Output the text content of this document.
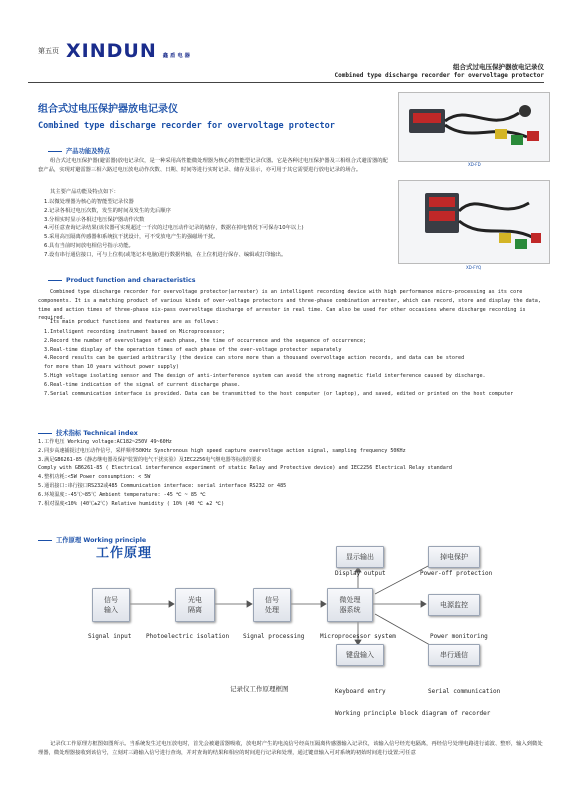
第五页 XINDUN 鑫盾电器
组合式过电压保护器放电记录仪
Combined type discharge recorder for overvoltage protector
组合式过电压保护器放电记录仪
Combined type discharge recorder for overvoltage protector
XD-FD
XD-FYQ
产品功能及特点
组合式过电压保护器(避雷器)放电记录仪，是一种采用高性能微处理器为核心的智能型记录仪器。它是各种过电压保护器及三相组合式避雷器的配套产品，实现对避雷器三相六路过电压放电动作次数、日期、时间等进行实时记录、储存及显示，亦可用于其它需要进行放电记录的场合。
其主要产品功能及特点如下：
1.以微处理器为核心的智能型记录仪器
2.记录各相过电压次数，发生的时间及发生的先后顺序
3.分相实时显示各相过电压保护器动作次数
4.可任意查询记录结果(该仪器可实现超过一千次的过电压动作记录的储存，数据在掉电情况下可保存10年以上)
5.采用高压隔离传感器和系统抗干扰设计，可不受放电产生的强磁场干扰。
6.具有当前时间放电相信号指示功能。
7.设有串行通信接口，可与上位机(或笔记本电脑)进行数据传输，在上位机进行保存、编辑或打印输出。
Product function and characteristics
Combined type discharge recorder for overvoltage protector(arrester) is an intelligent recording device with high performance micro-processing as its core components. It is a matching product of various kinds of over-voltage protectors and three-phase combination arrester, which can record, store and display the data, time and action times of three-phase six-pass overvoltage discharge of arrester in real time. Can also be used for other occasions where discharge recording is required.
Its main product functions and features are as follows:
1.Intelligent recording instrument based on Microprocessor;
2.Record the number of overvoltages of each phase, the time of occurrence and the sequence of occurrence;
3.Real-time display of the operation times of each phase of the over-voltage protector separately
4.Record results can be queried arbitrarily (the device can store more than a thousand overvoltage action records, and data can be stored
for more than 10 years without power supply)
5.High voltage isolating sensor and The design of anti-interference system can avoid the strong magnetic field interference caused by discharge.
6.Real-time indication of the signal of current discharge phase.
7.Serial communication interface is provided. Data can be transmitted to the host computer (or laptop), and saved, edited or printed on the host computer
技术指标 Technical index
1.工作电压 Working voltage:AC182~250V 49~60Hz
2.同步高速捕捉过电压动作信号，采样频率50KHz Synchronous high speed capture overvoltage action signal, sampling frequency 50KHz
3.满足GB6261-85《静态继电器及保护装置的电气干扰实验》及IEC2256电气继电器等标准的要求
Comply with GB6261-85 ( Electrical interference experiment of static Relay and Protective device) and IEC2256 Electrical Relay standard
4.整机功耗:<5W Power consumption: < 5W
5.通讯接口:串行接口RS232或485 Communication interface: serial interface RS232 or 485
6.环境温度:-45℃~85℃ Ambient temperature: -45 ℃ ~ 85 ℃
7.相对湿度<10% (40℃±2℃) Relative humidity ( 10% (40 ℃ ±2 ℃)
工作原理 Working principle
工作原理
信号
输入
光电
隔离
信号
处理
微处理
器系统
显示输出	掉电保护
电源监控
键盘输入	串行通信
Signal input Photoelectric isolation Signal processing	Microprocessor system
Display output	Power-off protection
Power monitoring
Keyboard entry	Serial communication
记录仪工作原理框图
Working principle block diagram of recorder
记录仪工作原理方框图如图所示。当系统发生过电压放电时，首先会被避雷器吸收，放电时产生的电流信号经高压隔离传感器输入记录仪，该输入信号经光电隔离，再经信号处理电路进行滤波、整形，输入到微处理器，微处理器接收到该信号，立刻对三路输入信号进行查询，并对查询的结果和相应的时间进行记录和处理，通过键盘输入可对系统的初始时间进行设置;可任意
